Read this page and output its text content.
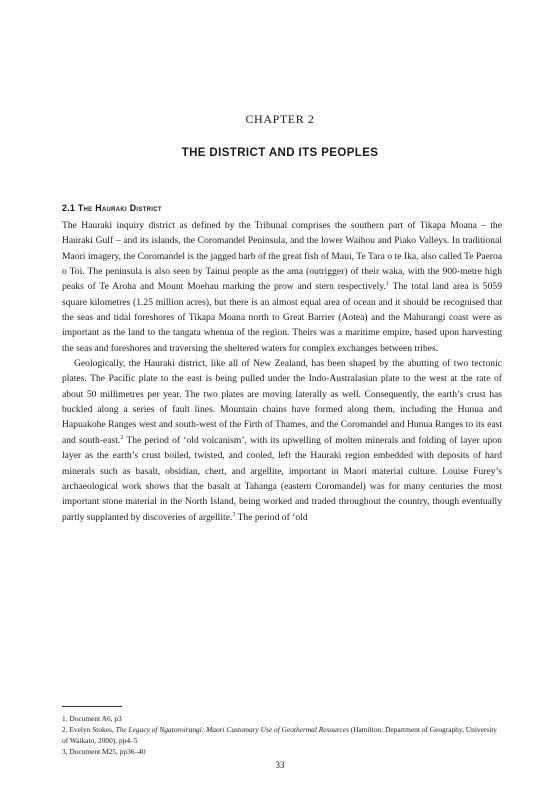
CHAPTER 2
THE DISTRICT AND ITS PEOPLES
2.1 The Hauraki District

The Hauraki inquiry district as defined by the Tribunal comprises the southern part of Tikapa Moana – the Hauraki Gulf – and its islands, the Coromandel Peninsula, and the lower Waihou and Piako Valleys. In traditional Maori imagery, the Coromandel is the jagged barb of the great fish of Maui, Te Tara o te Ika, also called Te Paeroa o Toi. The peninsula is also seen by Tainui people as the ama (outrigger) of their waka, with the 900-metre high peaks of Te Aroha and Mount Moehau marking the prow and stern respectively.$^1$ The total land area is 5059 square kilometres (1.25 million acres), but there is an almost equal area of ocean and it should be recognised that the seas and tidal foreshores of Tikapa Moana north to Great Barrier (Aotea) and the Mahurangi coast were as important as the land to the tangata whenua of the region. Theirs was a maritime empire, based upon harvesting the seas and foreshores and traversing the sheltered waters for complex exchanges between tribes.

Geologically, the Hauraki district, like all of New Zealand, has been shaped by the abutting of two tectonic plates. The Pacific plate to the east is being pulled under the Indo-Australasian plate to the west at the rate of about 50 millimetres per year. The two plates are moving laterally as well. Consequently, the earth’s crust has buckled along a series of fault lines. Mountain chains have formed along them, including the Hunua and Hapuakohe Ranges west and south-west of the Firth of Thames, and the Coromandel and Hunua Ranges to its east and south-east.$^2$ The period of ‘old volcanism’, with its upwelling of molten minerals and folding of layer upon layer as the earth’s crust boiled, twisted, and cooled, left the Hauraki region embedded with deposits of hard minerals such as basalt, obsidian, chert, and argellite, important in Maori material culture. Louise Furey’s archaeological work shows that the basalt at Tahanga (eastern Coromandel) was for many centuries the most important stone material in the North Island, being worked and traded throughout the country, though eventually partly supplanted by discoveries of argellite.$^3$ The period of ‘old

1. Document A6, p3

2. Evelyn Stokes, The Legacy of Ngatoroirangi: Maori Customary Use of Geothermal Resources (Hamilton: Department of Geography, University of Waikato, 2000), pp4–5

3. Document M25, pp36–40

33
